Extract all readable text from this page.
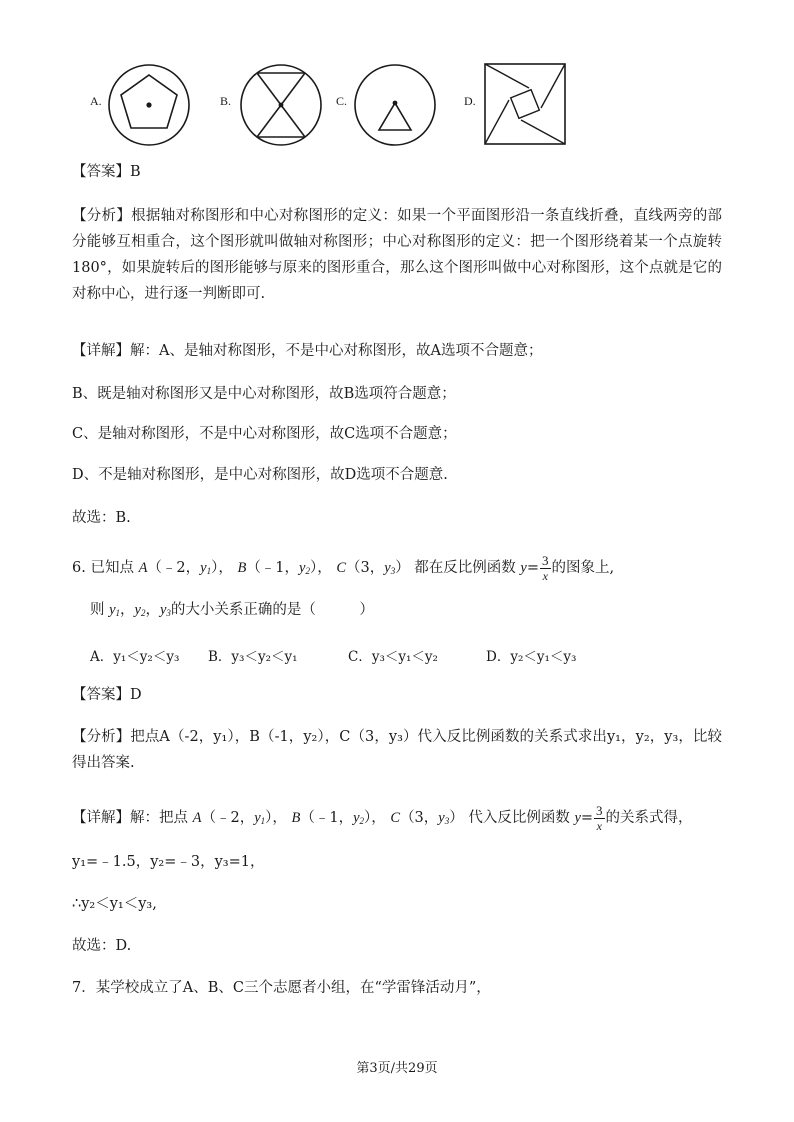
A.	B.	C.	D.
【答案】B
【分析】根据轴对称图形和中心对称图形的定义：如果一个平面图形沿一条直线折叠，直线两旁的部分能够互相重合，这个图形就叫做轴对称图形；中心对称图形的定义：把一个图形绕着某一个点旋转180°，如果旋转后的图形能够与原来的图形重合，那么这个图形叫做中心对称图形，这个点就是它的对称中心，进行逐一判断即可.
【详解】解：A、是轴对称图形，不是中心对称图形，故A选项不合题意；
B、既是轴对称图形又是中心对称图形，故B选项符合题意；
C、是轴对称图形，不是中心对称图形，故C选项不合题意；
D、不是轴对称图形，是中心对称图形，故D选项不合题意.
故选：B.
6. 已知点 A（﹣2，$y_1$）， B（﹣1，$y_2$）， C（3，$y_3$） 都在反比例函数 $y= \frac{3}{x}$ 的图象上,
则 $y_1$，$y_2$，$y_3$的大小关系正确的是（　　　）
A．y₁＜y₂＜y₃ B．y₃＜y₂＜y₁	C．y₃＜y₁＜y₂	D．y₂＜y₁＜y₃
【答案】D
【分析】把点A（-2，y₁），B（-1，y₂），C（3，y₃）代入反比例函数的关系式求出y₁，y₂，y₃，比较得出答案.
【详解】解：把点 A（﹣2，$y_1$）， B（﹣1，$y_2$）， C（3，$y_3$） 代入反比例函数 $y= \frac{3}{x}$ 的关系式得，
y₁=﹣1.5，y₂=﹣3，y₃=1，
∴y₂＜y₁＜y₃,
故选：D.
7．某学校成立了A、B、C三个志愿者小组，在“学雷锋活动月”，
第3页/共29页
